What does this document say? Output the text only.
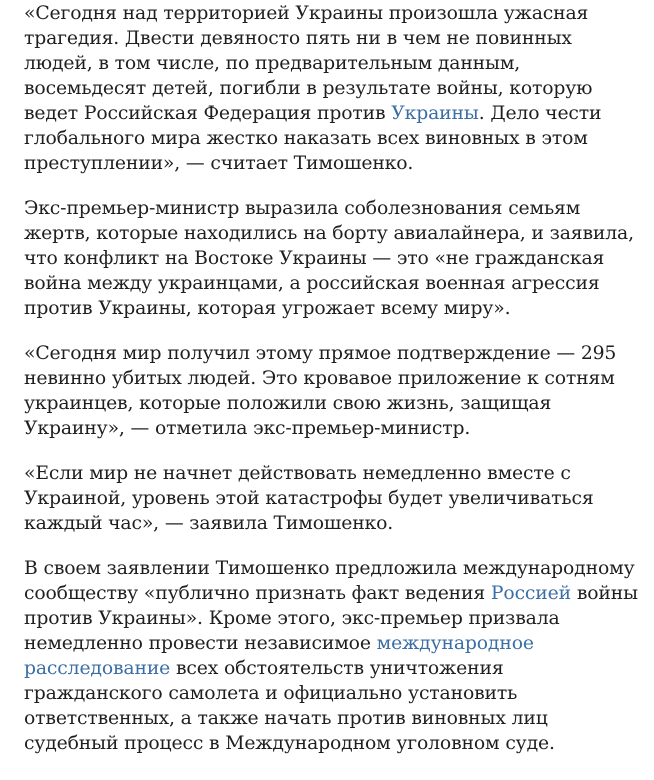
«Сегодня над территорией Украины произошла ужасная трагедия. Двести девяносто пять ни в чем не повинных людей, в том числе, по предварительным данным, восемьдесят детей, погибли в результате войны, которую ведет Российская Федерация против Украины. Дело чести глобального мира жестко наказать всех виновных в этом преступлении», — считает Тимошенко.

Экс-премьер-министр выразила соболезнования семьям жертв, которые находились на борту авиалайнера, и заявила, что конфликт на Востоке Украины — это «не гражданская война между украинцами, а российская военная агрессия против Украины, которая угрожает всему миру».

«Сегодня мир получил этому прямое подтверждение — 295 невинно убитых людей. Это кровавое приложение к сотням украинцев, которые положили свою жизнь, защищая Украину», — отметила экс-премьер-министр.

«Если мир не начнет действовать немедленно вместе с Украиной, уровень этой катастрофы будет увеличиваться каждый час», — заявила Тимошенко.

В своем заявлении Тимошенко предложила международному сообществу «публично признать факт ведения Россией войны против Украины». Кроме этого, экс-премьер призвала немедленно провести независимое международное расследование всех обстоятельств уничтожения гражданского самолета и официально установить ответственных, а также начать против виновных лиц судебный процесс в Международном уголовном суде.
